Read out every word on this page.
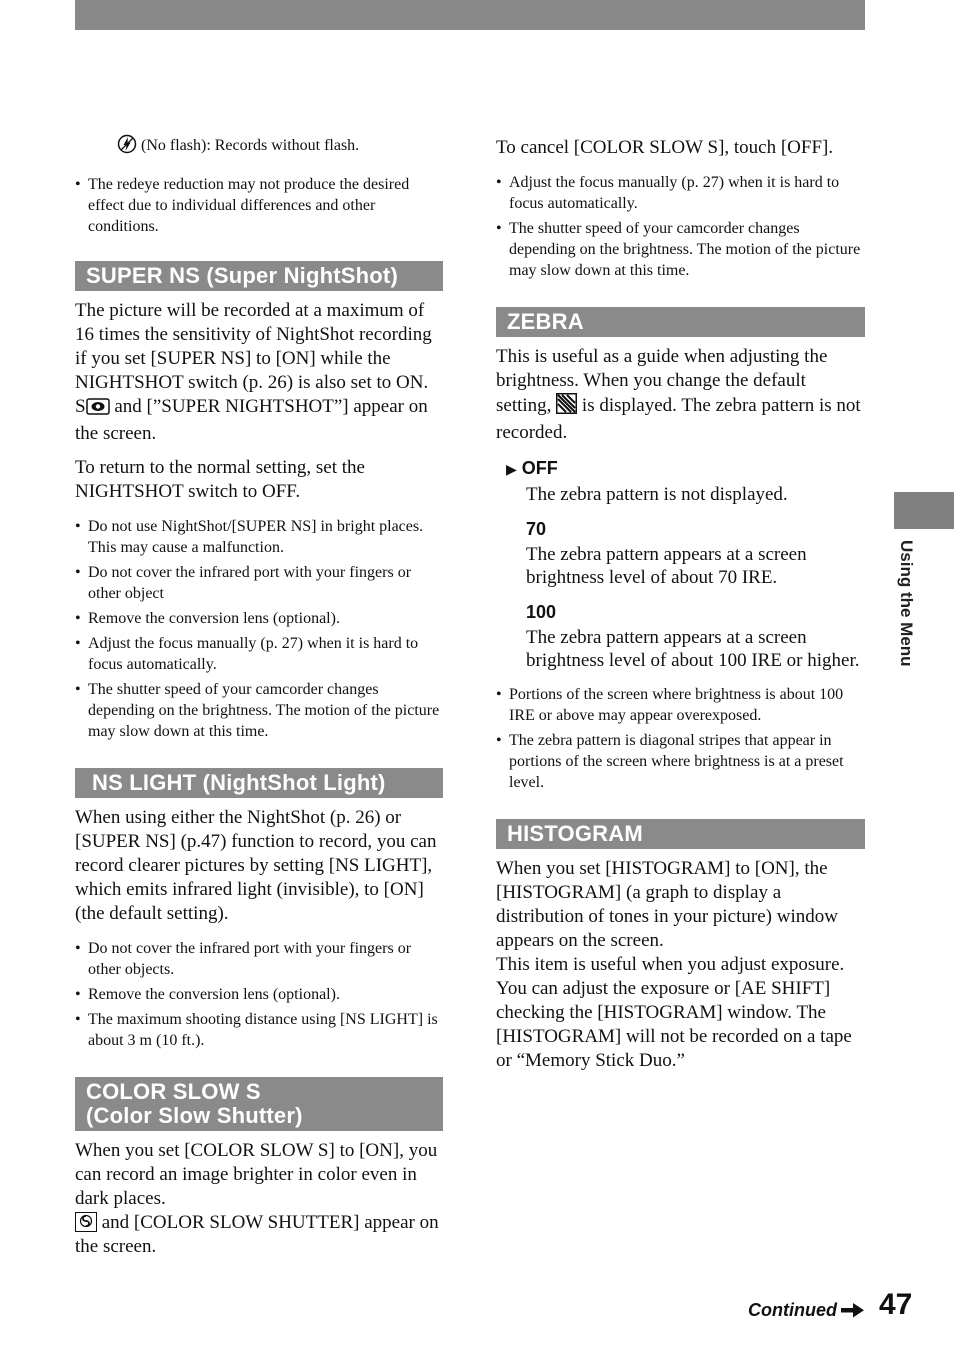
(No flash): Records without flash.

• The redeye reduction may not produce the desired effect due to individual differences and other conditions.
SUPER NS (Super NightShot)

The picture will be recorded at a maximum of 16 times the sensitivity of NightShot recording if you set [SUPER NS] to [ON] while the NIGHTSHOT switch (p. 26) is also set to ON.
S and [”SUPER NIGHTSHOT”] appear on the screen.

To return to the normal setting, set the NIGHTSHOT switch to OFF.

• Do not use NightShot/[SUPER NS] in bright places. This may cause a malfunction.
• Do not cover the infrared port with your fingers or other object
• Remove the conversion lens (optional).
• Adjust the focus manually (p. 27) when it is hard to focus automatically.
• The shutter speed of your camcorder changes depending on the brightness. The motion of the picture may slow down at this time.
NS LIGHT (NightShot Light)

When using either the NightShot (p. 26) or [SUPER NS] (p.47) function to record, you can record clearer pictures by setting [NS LIGHT], which emits infrared light (invisible), to [ON] (the default setting).

• Do not cover the infrared port with your fingers or other objects.
• Remove the conversion lens (optional).
• The maximum shooting distance using [NS LIGHT] is about 3 m (10 ft.).
COLOR SLOW S
(Color Slow Shutter)

When you set [COLOR SLOW S] to [ON], you can record an image brighter in color even in dark places.
and [COLOR SLOW SHUTTER] appear on the screen.

To cancel [COLOR SLOW S], touch [OFF].

• Adjust the focus manually (p. 27) when it is hard to focus automatically.
• The shutter speed of your camcorder changes depending on the brightness. The motion of the picture may slow down at this time.
ZEBRA

This is useful as a guide when adjusting the brightness. When you change the default setting, is displayed. The zebra pattern is not recorded.

▶ OFF

The zebra pattern is not displayed.

70

The zebra pattern appears at a screen brightness level of about 70 IRE.

100

The zebra pattern appears at a screen brightness level of about 100 IRE or higher.

• Portions of the screen where brightness is about 100 IRE or above may appear overexposed.
• The zebra pattern is diagonal stripes that appear in portions of the screen where brightness is at a preset level.
HISTOGRAM

When you set [HISTOGRAM] to [ON], the [HISTOGRAM] (a graph to display a distribution of tones in your picture) window appears on the screen.
This item is useful when you adjust exposure. You can adjust the exposure or [AE SHIFT] checking the [HISTOGRAM] window. The [HISTOGRAM] will not be recorded on a tape or “Memory Stick Duo.”

Using the Menu
Continued 47
